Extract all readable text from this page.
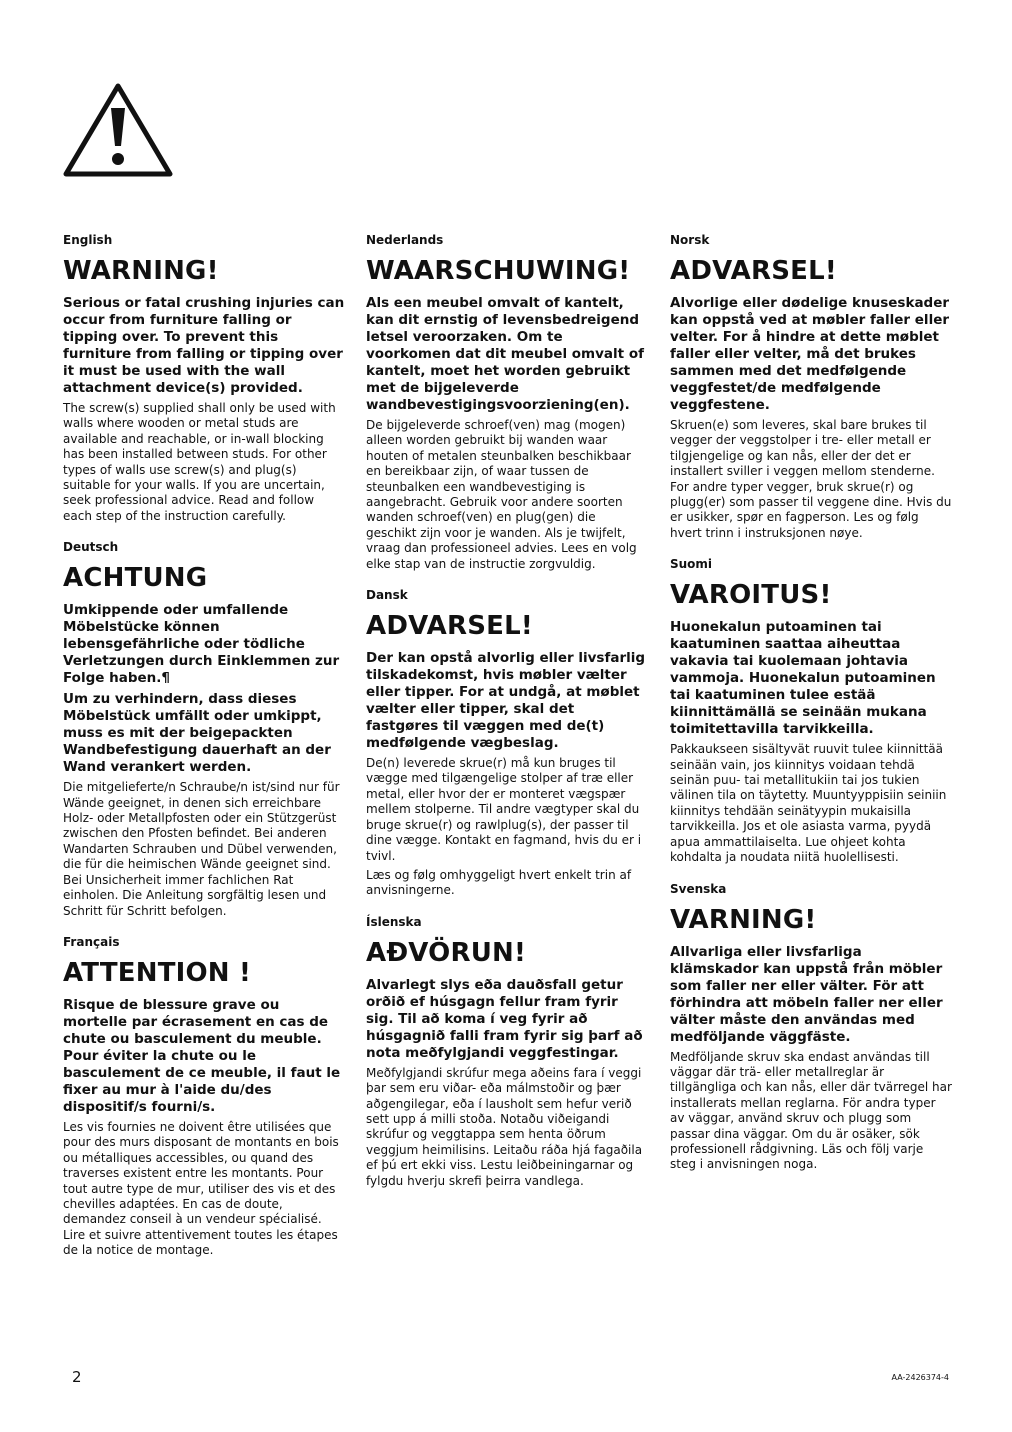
English
WARNING!
Serious or fatal crushing injuries can occur from furniture falling or tipping over. To prevent this furniture from falling or tipping over it must be used with the wall attachment device(s) provided.
The screw(s) supplied shall only be used with walls where wooden or metal studs are available and reachable, or in-wall blocking has been installed between studs. For other types of walls use screw(s) and plug(s) suitable for your walls. If you are uncertain, seek professional advice. Read and follow each step of the instruction carefully.
Deutsch
ACHTUNG
Umkippende oder umfallende Möbelstücke können lebensgefährliche oder tödliche Verletzungen durch Einklemmen zur Folge haben.¶
Um zu verhindern, dass dieses Möbelstück umfällt oder umkippt, muss es mit der beigepackten Wandbefestigung dauerhaft an der Wand verankert werden.
Die mitgelieferte/n Schraube/n ist/sind nur für Wände geeignet, in denen sich erreichbare Holz- oder Metallpfosten oder ein Stützgerüst zwischen den Pfosten befindet. Bei anderen Wandarten Schrauben und Dübel verwenden, die für die heimischen Wände geeignet sind. Bei Unsicherheit immer fachlichen Rat einholen. Die Anleitung sorgfältig lesen und Schritt für Schritt befolgen.
Français
ATTENTION !
Risque de blessure grave ou mortelle par écrasement en cas de chute ou basculement du meuble. Pour éviter la chute ou le basculement de ce meuble, il faut le fixer au mur à l'aide du/des dispositif/s fourni/s.
Les vis fournies ne doivent être utilisées que pour des murs disposant de montants en bois ou métalliques accessibles, ou quand des traverses existent entre les montants. Pour tout autre type de mur, utiliser des vis et des chevilles adaptées. En cas de doute, demandez conseil à un vendeur spécialisé. Lire et suivre attentivement toutes les étapes de la notice de montage.
Nederlands
WAARSCHUWING!
Als een meubel omvalt of kantelt, kan dit ernstig of levensbedreigend letsel veroorzaken. Om te voorkomen dat dit meubel omvalt of kantelt, moet het worden gebruikt met de bijgeleverde wandbevestigingsvoorziening(en).
De bijgeleverde schroef(ven) mag (mogen) alleen worden gebruikt bij wanden waar houten of metalen steunbalken beschikbaar en bereikbaar zijn, of waar tussen de steunbalken een wandbevestiging is aangebracht. Gebruik voor andere soorten wanden schroef(ven) en plug(gen) die geschikt zijn voor je wanden. Als je twijfelt, vraag dan professioneel advies. Lees en volg elke stap van de instructie zorgvuldig.
Dansk
ADVARSEL!
Der kan opstå alvorlig eller livsfarlig tilskadekomst, hvis møbler vælter eller tipper. For at undgå, at møblet vælter eller tipper, skal det fastgøres til væggen med de(t) medfølgende vægbeslag.
De(n) leverede skrue(r) må kun bruges til vægge med tilgængelige stolper af træ eller metal, eller hvor der er monteret vægspær mellem stolperne. Til andre vægtyper skal du bruge skrue(r) og rawlplug(s), der passer til dine vægge. Kontakt en fagmand, hvis du er i tvivl.
Læs og følg omhyggeligt hvert enkelt trin af anvisningerne.
Íslenska
AÐVÖRUN!
Alvarlegt slys eða dauðsfall getur orðið ef húsgagn fellur fram fyrir sig. Til að koma í veg fyrir að húsgagnið falli fram fyrir sig þarf að nota meðfylgjandi veggfestingar.
Meðfylgjandi skrúfur mega aðeins fara í veggi þar sem eru viðar- eða málmstoðir og þær aðgengilegar, eða í lausholt sem hefur verið sett upp á milli stoða. Notaðu viðeigandi skrúfur og veggtappa sem henta öðrum veggjum heimilisins. Leitaðu ráða hjá fagaðila ef þú ert ekki viss. Lestu leiðbeiningarnar og fylgdu hverju skrefi þeirra vandlega.
Norsk
ADVARSEL!
Alvorlige eller dødelige knuseskader kan oppstå ved at møbler faller eller velter. For å hindre at dette møblet faller eller velter, må det brukes sammen med det medfølgende veggfestet/de medfølgende veggfestene.
Skruen(e) som leveres, skal bare brukes til vegger der veggstolper i tre- eller metall er tilgjengelige og kan nås, eller der det er installert sviller i veggen mellom stenderne. For andre typer vegger, bruk skrue(r) og plugg(er) som passer til veggene dine. Hvis du er usikker, spør en fagperson. Les og følg hvert trinn i instruksjonen nøye.
Suomi
VAROITUS!
Huonekalun putoaminen tai kaatuminen saattaa aiheuttaa vakavia tai kuolemaan johtavia vammoja. Huonekalun putoaminen tai kaatuminen tulee estää kiinnittämällä se seinään mukana toimitettavilla tarvikkeilla.
Pakkaukseen sisältyvät ruuvit tulee kiinnittää seinään vain, jos kiinnitys voidaan tehdä seinän puu- tai metallitukiin tai jos tukien välinen tila on täytetty. Muuntyyppisiin seiniin kiinnitys tehdään seinätyypin mukaisilla tarvikkeilla. Jos et ole asiasta varma, pyydä apua ammattilaiselta. Lue ohjeet kohta kohdalta ja noudata niitä huolellisesti.
Svenska
VARNING!
Allvarliga eller livsfarliga klämskador kan uppstå från möbler som faller ner eller välter. För att förhindra att möbeln faller ner eller välter måste den användas med medföljande väggfäste.
Medföljande skruv ska endast användas till väggar där trä- eller metallreglar är tillgängliga och kan nås, eller där tvärregel har installerats mellan reglarna. För andra typer av väggar, använd skruv och plugg som passar dina väggar. Om du är osäker, sök professionell rådgivning. Läs och följ varje steg i anvisningen noga.
2	AA-2426374-4
